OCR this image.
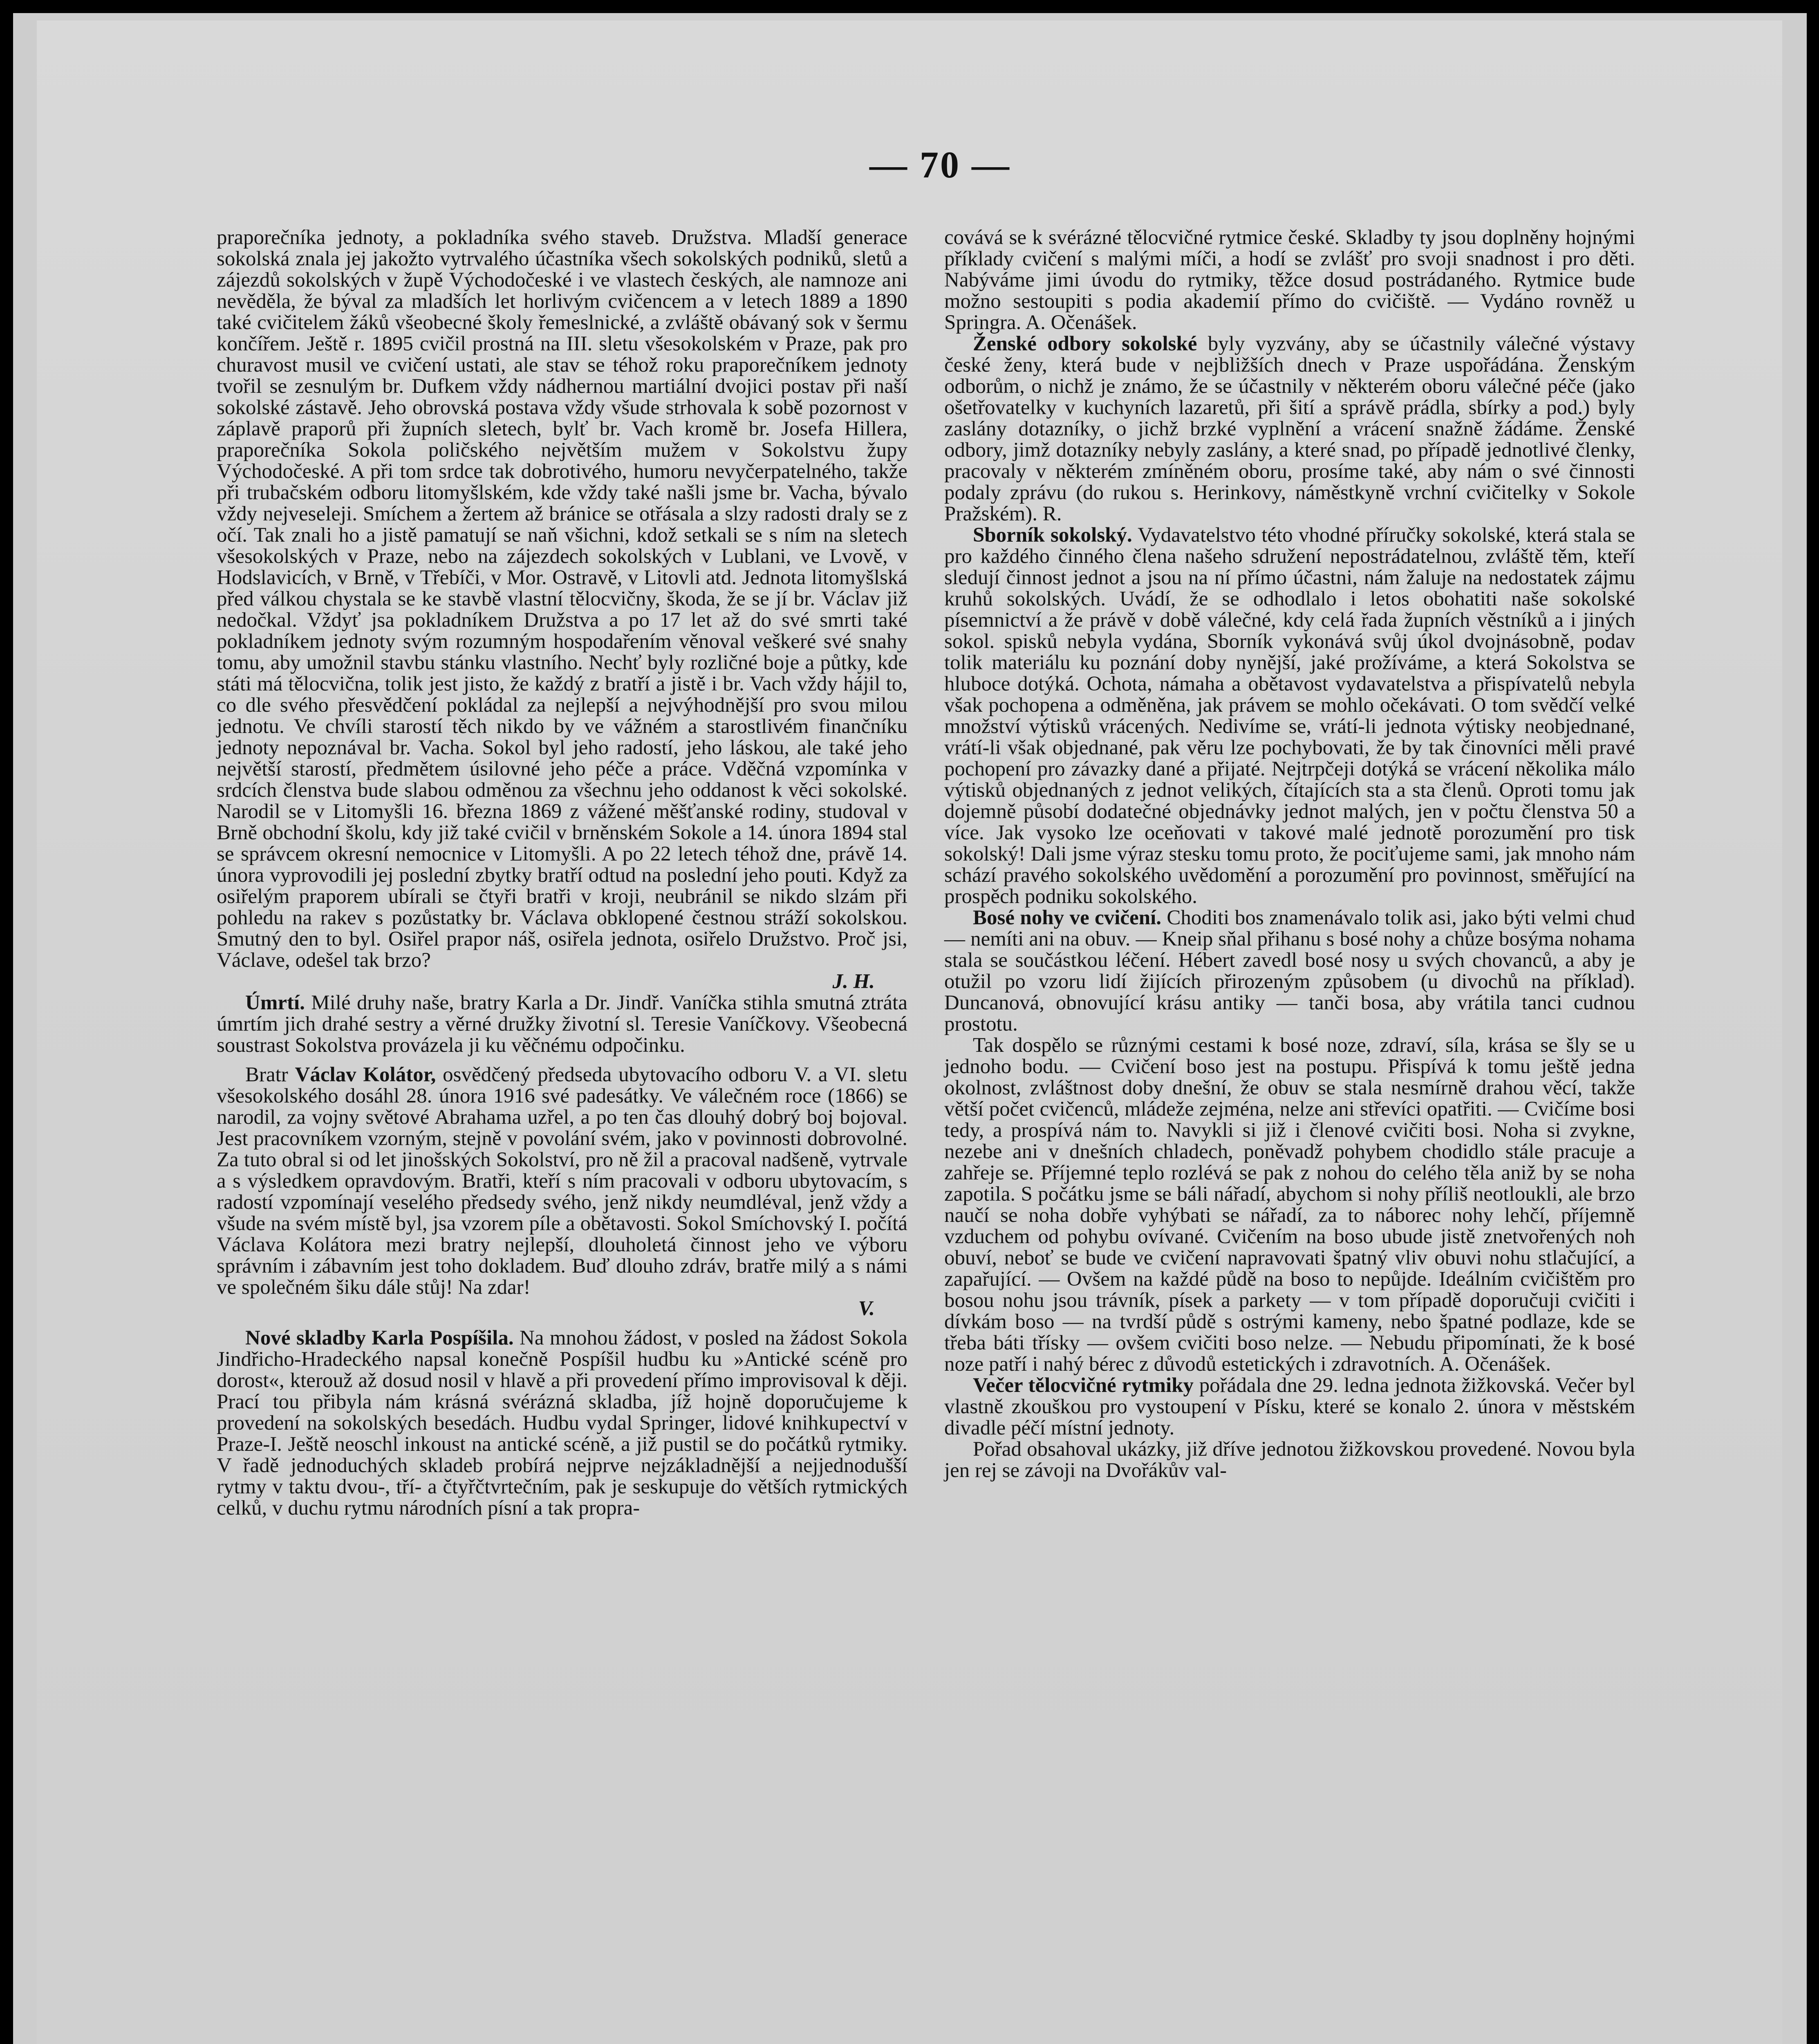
— 70 —

praporečníka jednoty, a pokladníka svého staveb. Družstva. Mladší generace sokolská znala jej jakožto vytrvalého účastníka všech sokolských podniků, sletů a zájezdů sokolských v župě Východočeské i ve vlastech českých, ale namnoze ani nevěděla, že býval za mladších let horlivým cvičencem a v letech 1889 a 1890 také cvičitelem žáků všeobecné školy řemeslnické, a zvláště obávaný sok v šermu končířem. Ještě r. 1895 cvičil prostná na III. sletu všesokolském v Praze, pak pro churavost musil ve cvičení ustati, ale stav se téhož roku praporečníkem jednoty tvořil se zesnulým br. Dufkem vždy nádhernou martiální dvojici postav při naší sokolské zástavě. Jeho obrovská postava vždy všude strhovala k sobě pozornost v záplavě praporů při župních sletech, bylť br. Vach kromě br. Josefa Hillera, praporečníka Sokola poličského největším mužem v Sokolstvu župy Východočeské. A při tom srdce tak dobrotivého, humoru nevyčerpatelného, takže při trubačském odboru litomyšlském, kde vždy také našli jsme br. Vacha, bývalo vždy nejveseleji. Smíchem a žertem až bránice se otřásala a slzy radosti draly se z očí. Tak znali ho a jistě pamatují se naň všichni, kdož setkali se s ním na sletech všesokolských v Praze, nebo na zájezdech sokolských v Lublani, ve Lvově, v Hodslavicích, v Brně, v Třebíči, v Mor. Ostravě, v Litovli atd. Jednota litomyšlská před válkou chystala se ke stavbě vlastní tělocvičny, škoda, že se jí br. Václav již nedočkal. Vždyť jsa pokladníkem Družstva a po 17 let až do své smrti také pokladníkem jednoty svým rozumným hospodařením věnoval veškeré své snahy tomu, aby umožnil stavbu stánku vlastního. Nechť byly rozličné boje a půtky, kde státi má tělocvična, tolik jest jisto, že každý z bratří a jistě i br. Vach vždy hájil to, co dle svého přesvědčení pokládal za nejlepší a nejvýhodnější pro svou milou jednotu. Ve chvíli starostí těch nikdo by ve vážném a starostlivém finančníku jednoty nepoznával br. Vacha. Sokol byl jeho radostí, jeho láskou, ale také jeho největší starostí, předmětem úsilovné jeho péče a práce. Vděčná vzpomínka v srdcích členstva bude slabou odměnou za všechnu jeho oddanost k věci sokolské. Narodil se v Litomyšli 16. března 1869 z vážené měšťanské rodiny, studoval v Brně obchodní školu, kdy již také cvičil v brněnském Sokole a 14. února 1894 stal se správcem okresní nemocnice v Litomyšli. A po 22 letech téhož dne, právě 14. února vyprovodili jej poslední zbytky bratří odtud na poslední jeho pouti. Když za osiřelým praporem ubírali se čtyři bratři v kroji, neubránil se nikdo slzám při pohledu na rakev s pozůstatky br. Václava obklopené čestnou stráží sokolskou. Smutný den to byl. Osiřel prapor náš, osiřela jednota, osiřelo Družstvo. Proč jsi, Václave, odešel tak brzo?

J. H.

Úmrtí. Milé druhy naše, bratry Karla a Dr. Jindř. Vaníčka stihla smutná ztráta úmrtím jich drahé sestry a věrné družky životní sl. Teresie Vaníčkovy. Všeobecná soustrast Sokolstva provázela ji ku věčnému odpočinku.

Bratr Václav Kolátor, osvědčený předseda ubytovacího odboru V. a VI. sletu všesokolského dosáhl 28. února 1916 své padesátky. Ve válečném roce (1866) se narodil, za vojny světové Abrahama uzřel, a po ten čas dlouhý dobrý boj bojoval. Jest pracovníkem vzorným, stejně v povolání svém, jako v povinnosti dobrovolné. Za tuto obral si od let jinošských Sokolství, pro ně žil a pracoval nadšeně, vytrvale a s výsledkem opravdovým. Bratři, kteří s ním pracovali v odboru ubytovacím, s radostí vzpomínají veselého předsedy svého, jenž nikdy neumdléval, jenž vždy a všude na svém místě byl, jsa vzorem píle a obětavosti. Sokol Smíchovský I. počítá Václava Kolátora mezi bratry nejlepší, dlouholetá činnost jeho ve výboru správním i zábavním jest toho dokladem. Buď dlouho zdráv, bratře milý a s námi ve společném šiku dále stůj! Na zdar!

V.

Nové skladby Karla Pospíšila. Na mnohou žádost, v posled na žádost Sokola Jindřicho-Hradeckého napsal konečně Pospíšil hudbu ku »Antické scéně pro dorost«, kterouž až dosud nosil v hlavě a při provedení přímo improvisoval k ději. Prací tou přibyla nám krásná svérázná skladba, jíž hojně doporučujeme k provedení na sokolských besedách. Hudbu vydal Springer, lidové knihkupectví v Praze-I. Ještě neoschl inkoust na antické scéně, a již pustil se do počátků rytmiky. V řadě jednoduchých skladeb probírá nejprve nejzákladnější a nejjednodušší rytmy v taktu dvou-, tří- a čtyřčtvrtečním, pak je seskupuje do větších rytmických celků, v duchu rytmu národních písní a tak propra-

covává se k svérázné tělocvičné rytmice české. Skladby ty jsou doplněny hojnými příklady cvičení s malými míči, a hodí se zvlášť pro svoji snadnost i pro děti. Nabýváme jimi úvodu do rytmiky, těžce dosud postrádaného. Rytmice bude možno sestoupiti s podia akademií přímo do cvičiště. — Vydáno rovněž u Springra. A. Očenášek.

Ženské odbory sokolské byly vyzvány, aby se účastnily válečné výstavy české ženy, která bude v nejbližších dnech v Praze uspořádána. Ženským odborům, o nichž je známo, že se účastnily v některém oboru válečné péče (jako ošetřovatelky v kuchyních lazaretů, při šití a správě prádla, sbírky a pod.) byly zaslány dotazníky, o jichž brzké vyplnění a vrácení snažně žádáme. Ženské odbory, jimž dotazníky nebyly zaslány, a které snad, po případě jednotlivé členky, pracovaly v některém zmíněném oboru, prosíme také, aby nám o své činnosti podaly zprávu (do rukou s. Herinkovy, náměstkyně vrchní cvičitelky v Sokole Pražském). R.

Sborník sokolský. Vydavatelstvo této vhodné příručky sokolské, která stala se pro každého činného člena našeho sdružení nepostrádatelnou, zvláště těm, kteří sledují činnost jednot a jsou na ní přímo účastni, nám žaluje na nedostatek zájmu kruhů sokolských. Uvádí, že se odhodlalo i letos obohatiti naše sokolské písemnictví a že právě v době válečné, kdy celá řada župních věstníků a i jiných sokol. spisků nebyla vydána, Sborník vykonává svůj úkol dvojnásobně, podav tolik materiálu ku poznání doby nynější, jaké prožíváme, a která Sokolstva se hluboce dotýká. Ochota, námaha a obětavost vydavatelstva a přispívatelů nebyla však pochopena a odměněna, jak právem se mohlo očekávati. O tom svědčí velké množství výtisků vrácených. Nedivíme se, vrátí-li jednota výtisky neobjednané, vrátí-li však objednané, pak věru lze pochybovati, že by tak činovníci měli pravé pochopení pro závazky dané a přijaté. Nejtrpčeji dotýká se vrácení několika málo výtisků objednaných z jednot velikých, čítajících sta a sta členů. Oproti tomu jak dojemně působí dodatečné objednávky jednot malých, jen v počtu členstva 50 a více. Jak vysoko lze oceňovati v takové malé jednotě porozumění pro tisk sokolský! Dali jsme výraz stesku tomu proto, že pociťujeme sami, jak mnoho nám schází pravého sokolského uvědomění a porozumění pro povinnost, směřující na prospěch podniku sokolského.

Bosé nohy ve cvičení. Choditi bos znamenávalo tolik asi, jako býti velmi chud — nemíti ani na obuv. — Kneip sňal přihanu s bosé nohy a chůze bosýma nohama stala se součástkou léčení. Hébert zavedl bosé nosy u svých chovanců, a aby je otužil po vzoru lidí žijících přirozeným způsobem (u divochů na příklad). Duncanová, obnovující krásu antiky — tanči bosa, aby vrátila tanci cudnou prostotu.

Tak dospělo se různými cestami k bosé noze, zdraví, síla, krása se šly se u jednoho bodu. — Cvičení boso jest na postupu. Přispívá k tomu ještě jedna okolnost, zvláštnost doby dnešní, že obuv se stala nesmírně drahou věcí, takže větší počet cvičenců, mládeže zejména, nelze ani střevíci opatřiti. — Cvičíme bosi tedy, a prospívá nám to. Navykli si již i členové cvičiti bosi. Noha si zvykne, nezebe ani v dnešních chladech, poněvadž pohybem chodidlo stále pracuje a zahřeje se. Příjemné teplo rozlévá se pak z nohou do celého těla aniž by se noha zapotila. S počátku jsme se báli nářadí, abychom si nohy příliš neotloukli, ale brzo naučí se noha dobře vyhýbati se nářadí, za to náborec nohy lehčí, příjemně vzduchem od pohybu ovívané. Cvičením na boso ubude jistě znetvořených noh obuví, neboť se bude ve cvičení napravovati špatný vliv obuvi nohu stlačující, a zapařující. — Ovšem na každé půdě na boso to nepůjde. Ideálním cvičištěm pro bosou nohu jsou trávník, písek a parkety — v tom případě doporučuji cvičiti i dívkám boso — na tvrdší půdě s ostrými kameny, nebo špatné podlaze, kde se třeba báti třísky — ovšem cvičiti boso nelze. — Nebudu připomínati, že k bosé noze patří i nahý bérec z důvodů estetických i zdravotních. A. Očenášek.

Večer tělocvičné rytmiky pořádala dne 29. ledna jednota žižkovská. Večer byl vlastně zkouškou pro vystoupení v Písku, které se konalo 2. února v městském divadle péčí místní jednoty.

Pořad obsahoval ukázky, již dříve jednotou žižkovskou provedené. Novou byla jen rej se závoji na Dvořákův val-
